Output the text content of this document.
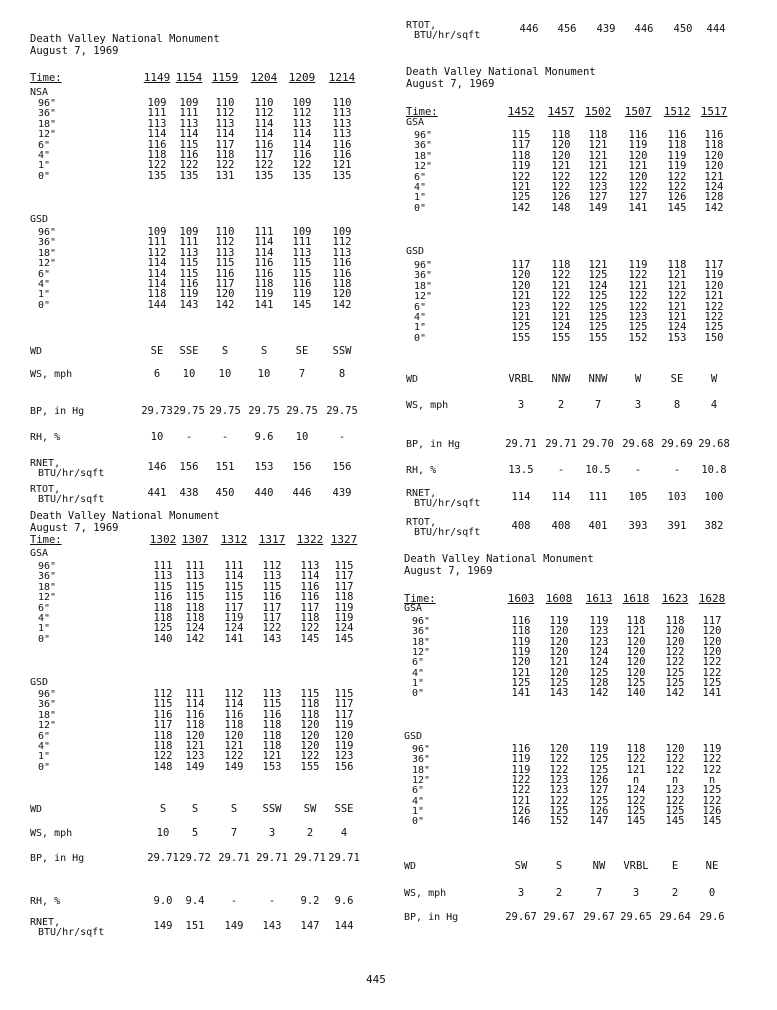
Death Valley National Monument
August 7, 1969
Time:	1149 1154 1159	1204	1209	1214
NSA
96"	109	109	110	110	109	110
36"	111	111	112	112	112	113
18"	113	113	113	114	113	113
12"	114	114	114	114	114	113
6"	116	115	117	116	114	116
4"	118	116	118	117	116	116
1"	122	122	122	122	122	121
0"	135	135	131	135	135	135
GSD
96"	109	109	110	111	109	109
36"	111	111	112	114	111	112
18"	112	113	113	114	113	113
12"	114	115	115	116	115	116
6"	114	115	116	116	115	116
4"	114	116	117	118	116	118
1"	118	119	120	119	119	120
0"	144	143	142	141	145	142
WD	SE	SSE	S	S	SE	SSW
WS, mph	6	10	10	10	7	8
BP, in Hg	29.73 29.75 29.75 29.75 29.75 29.75
RH, %	10	-	-	9.6	10	-
RNET,
BTU/hr/sqft
146	156	151	153	156	156
RTOT,
BTU/hr/sqft
441	438	450	440	446	439
Death Valley National Monument
August 7, 1969
Time:	1302 1307	1312	1317	1322 1327
GSA
96"	111	111	111	112	113	115
36"	113	113	114	113	114	117
18"	115	115	115	115	116	117
12"	116	115	115	116	116	118
6"	118	118	117	117	117	119
4"	118	118	119	117	118	119
1"	125	124	124	122	122	124
0"	140	142	141	143	145	145
GSD
96"	112	111	112	113	115	115
36"	115	114	114	115	118	117
18"	116	116	116	116	118	117
12"	117	118	118	118	120	119
6"	118	120	120	118	120	120
4"	118	121	121	118	120	119
1"	122	123	122	121	122	123
0"	148	149	149	153	155	156
WD	S	S	S	SSW	SW	SSE
WS, mph	10	5	7	3	2	4
BP, in Hg	29.71 29.72 29.71 29.71 29.71 29.71
RH, %	9.0	9.4	-	-	9.2	9.6
RNET,
BTU/hr/sqft
149	151	149	143	147	144
RTOT,
BTU/hr/sqft
446	456	439	446	450	444
Death Valley National Monument
August 7, 1969
Time:	1452	1457 1502	1507	1512 1517
GSA
96"	115	118	118	116	116	116
36"	117	120	121	119	118	118
18"	118	120	121	120	119	120
12"	119	121	121	121	119	120
6"	122	122	122	120	122	121
4"	121	122	123	122	122	124
1"	125	126	127	127	126	128
0"	142	148	149	141	145	142
GSD
96"	117	118	121	119	118	117
36"	120	122	125	122	121	119
18"	120	121	124	121	121	120
12"	121	122	125	122	122	121
6"	123	122	125	122	121	122
4"	121	121	125	123	121	122
1"	125	124	125	125	124	125
0"	155	155	155	152	153	150
WD	VRBL	NNW	NNW	W	SE	W
WS, mph	3	2	7	3	8	4
BP, in Hg	29.71 29.71 29.70 29.68 29.69 29.68
RH, %	13.5	-	10.5	-	-	10.8
RNET,
BTU/hr/sqft
114	114	111	105	103	100
RTOT,
BTU/hr/sqft
408	408	401	393	391	382
Death Valley National Monument
August 7, 1969
Time:	1603	1608	1613 1618	1623 1628
GSA
96"	116	119	119	118	118	117
36"	118	120	123	121	120	120
18"	119	120	123	120	120	120
12"	119	120	124	120	122	120
6"	120	121	124	120	122	122
4"	121	120	125	120	125	122
1"	125	125	128	125	125	125
0"	141	143	142	140	142	141
GSD
96"	116	120	119	118	120	119
36"	119	122	125	122	122	122
18"	119	122	125	121	122	122
12"	122	123	126	n	n	n
6"	122	123	127	124	123	125
4"	121	122	125	122	122	122
1"	126	125	126	125	125	126
0"	146	152	147	145	145	145
WD	SW	S	NW	VRBL	E	NE
WS, mph	3	2	7	3	2	0
BP, in Hg	29.67 29.67 29.67 29.65 29.64 29.6
445
